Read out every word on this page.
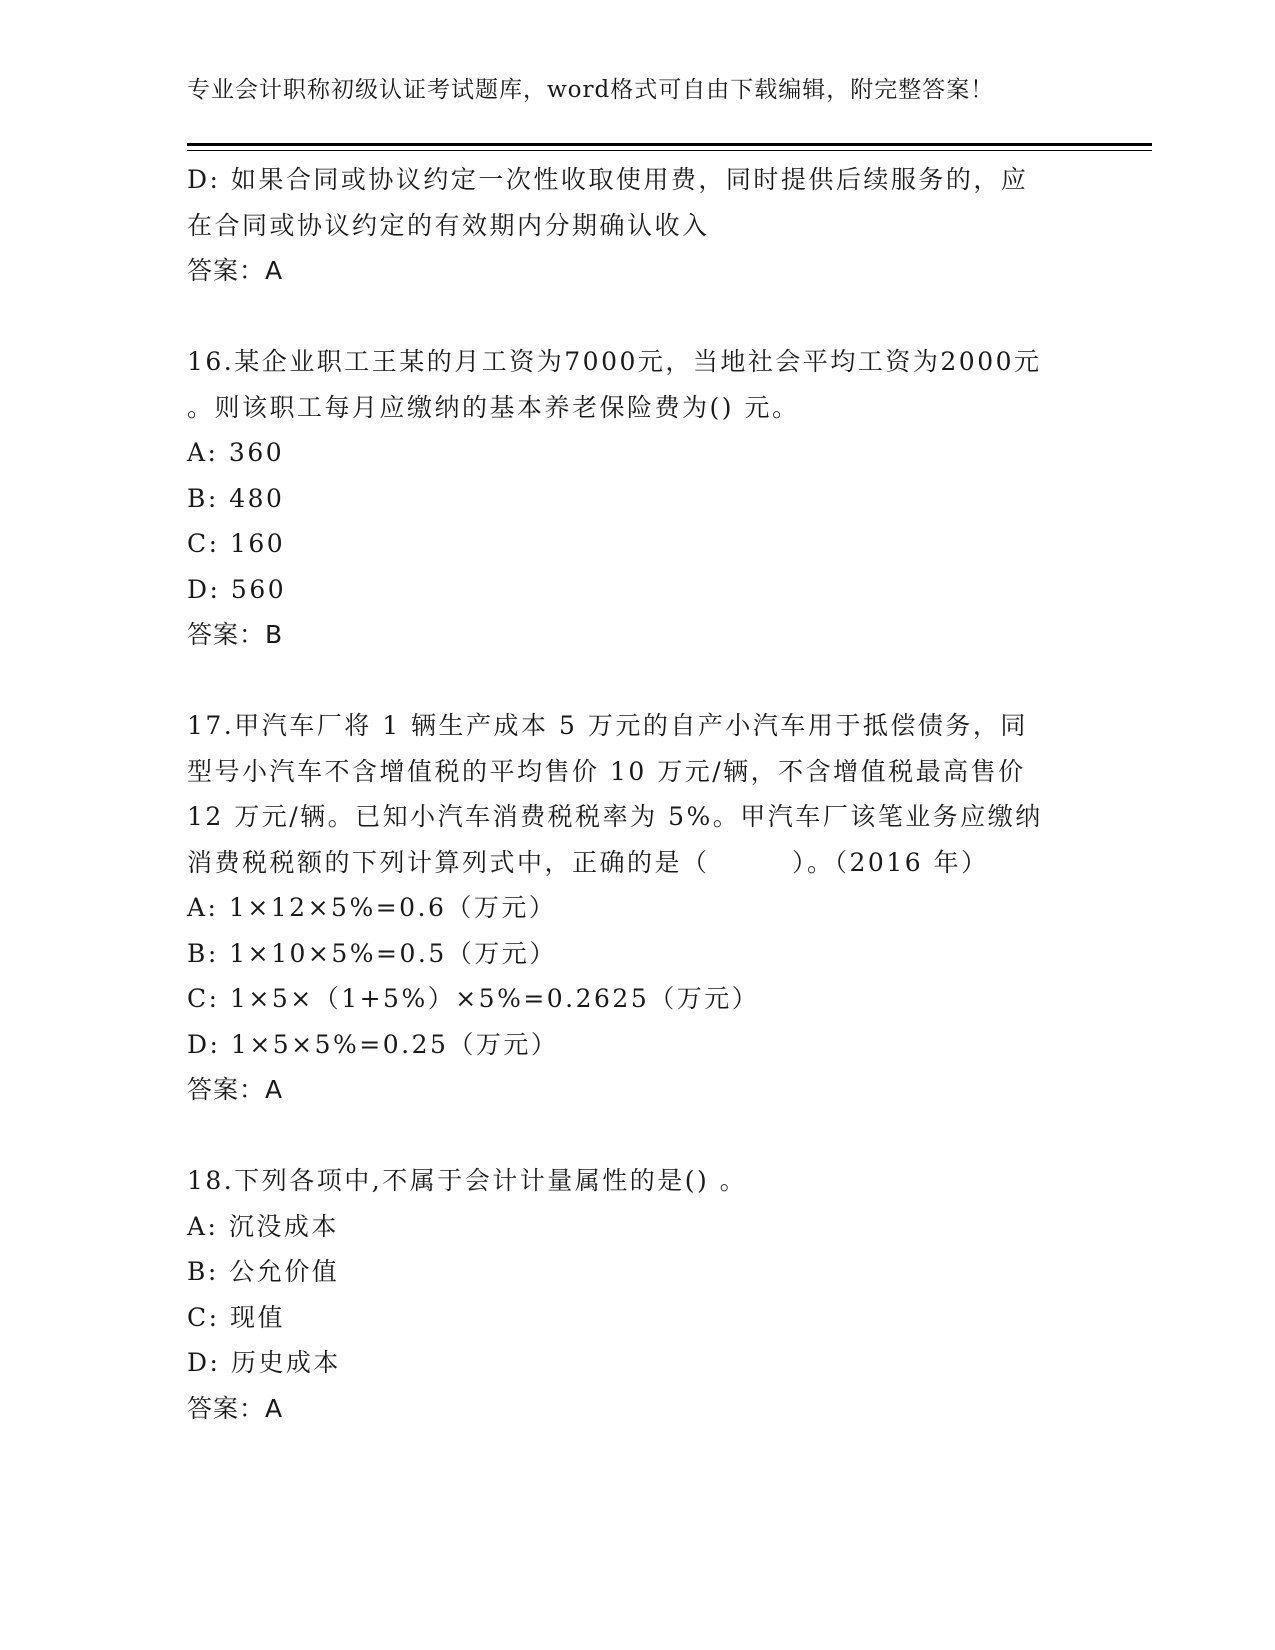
专业会计职称初级认证考试题库，word格式可自由下载编辑，附完整答案！
D: 如果合同或协议约定一次性收取使用费，同时提供后续服务的，应
在合同或协议约定的有效期内分期确认收入
答案：A
16.某企业职工王某的月工资为7000元，当地社会平均工资为2000元
。则该职工每月应缴纳的基本养老保险费为() 元。
A: 360
B: 480
C: 160
D: 560
答案：B
17.甲汽车厂将 1 辆生产成本 5 万元的自产小汽车用于抵偿债务，同
型号小汽车不含增值税的平均售价 10 万元/辆，不含增值税最高售价
12 万元/辆。已知小汽车消费税税率为 5%。甲汽车厂该笔业务应缴纳
消费税税额的下列计算列式中，正确的是（　　　）。（2016 年）
A: 1×12×5%=0.6（万元）
B: 1×10×5%=0.5（万元）
C: 1×5×（1+5%）×5%=0.2625（万元）
D: 1×5×5%=0.25（万元）
答案：A
18.下列各项中,不属于会计计量属性的是() 。
A: 沉没成本
B: 公允价值
C: 现值
D: 历史成本
答案：A
